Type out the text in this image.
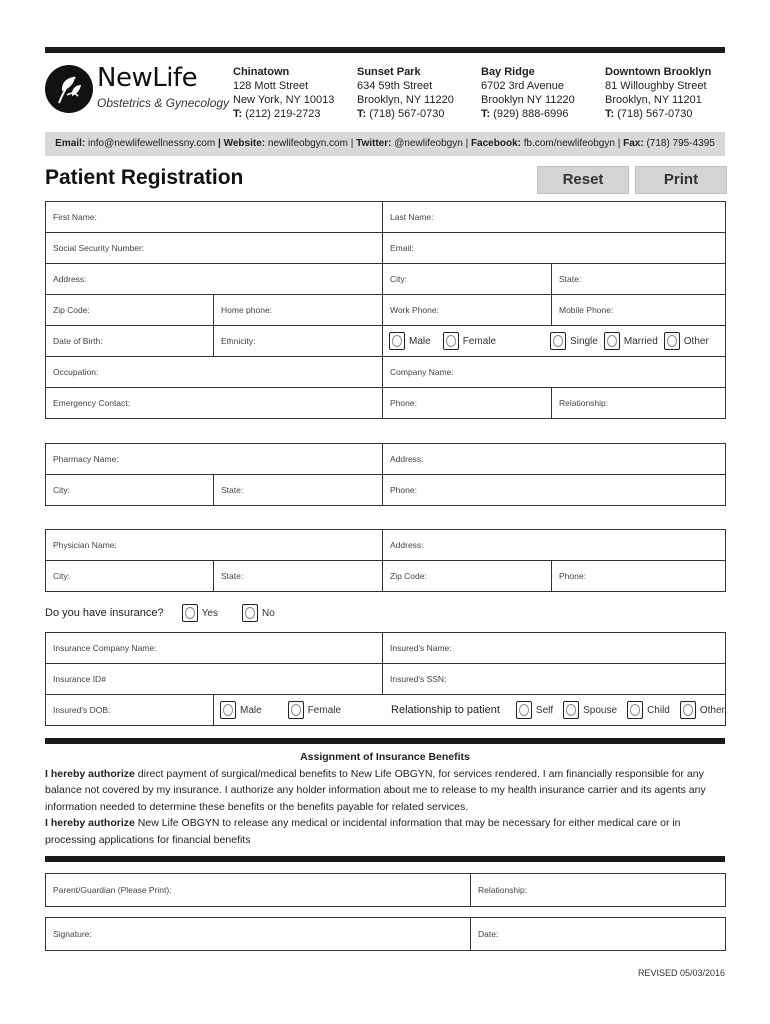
NewLife
Obstetrics & Gynecology
Chinatown
128 Mott Street
New York, NY 10013
T: (212) 219-2723
Sunset Park
634 59th Street
Brooklyn, NY 11220
T: (718) 567-0730
Bay Ridge
6702 3rd Avenue
Brooklyn NY 11220
T: (929) 888-6996
Downtown Brooklyn
81 Willoughby Street
Brooklyn, NY 11201
T: (718) 567-0730
Email: info@newlifewellnessny.com | Website: newlifeobgyn.com | Twitter: @newlifeobgyn | Facebook: fb.com/newlifeobgyn | Fax: (718) 795-4395
Patient Registration	Reset	Print
First Name:	Last Name:
Social Security Number:	Email:
Address:	City:	State:
Zip Code:	Home phone:	Work Phone:	Mobile Phone:
Date of Birth:	Ethnicity:	Male	Female	Single	Married	Other
Occupation:	Company Name:
Emergency Contact:	Phone:	Relationship:
Pharmacy Name:	Address:
City:	State:	Phone:
Physician Name:	Address:
City:	State:	Zip Code:	Phone:
Do you have insurance?	Yes	No
Insurance Company Name:	Insured's Name:
Insurance ID#	Insured's SSN:
Insured's DOB:	Male	Female	Relationship to patient	Self	Spouse	Child	Other
Assignment of Insurance Benefits
I hereby authorize direct payment of surgical/medical benefits to New Life OBGYN, for services rendered. I am financially responsible for any balance not covered by my insurance. I authorize any holder information about me to release to my health insurance carrier and its agents any information needed to determine these benefits or the benefits payable for related services.
I hereby authorize New Life OBGYN to release any medical or incidental information that may be necessary for either medical care or in processing applications for financial benefits
Parent/Guardian (Please Print):	Relationship:
Signature:	Date:
REVISED 05/03/2016
